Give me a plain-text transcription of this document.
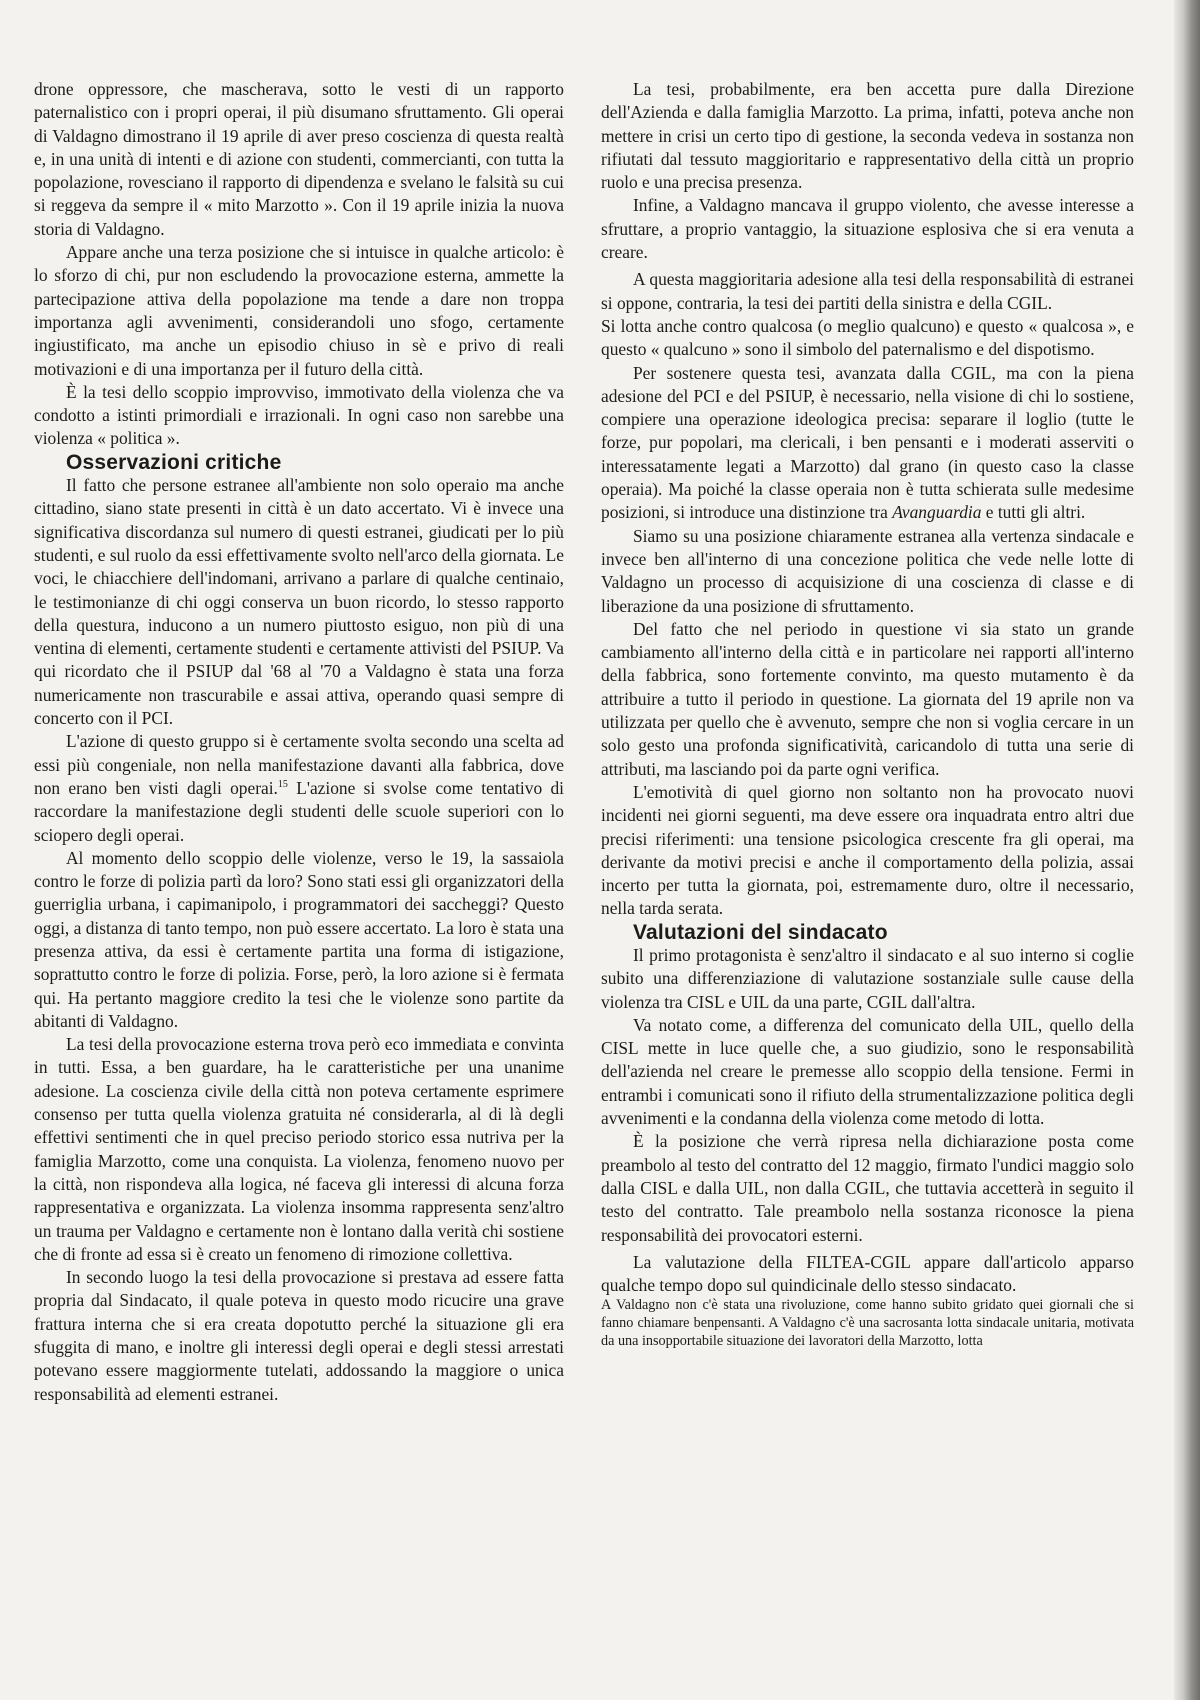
drone oppressore, che mascherava, sotto le vesti di un rapporto paternalistico con i propri operai, il più disumano sfruttamento. Gli operai di Valdagno dimostrano il 19 aprile di aver preso coscienza di questa realtà e, in una unità di intenti e di azione con studenti, commercianti, con tutta la popolazione, rovesciano il rapporto di dipendenza e svelano le falsità su cui si reggeva da sempre il « mito Marzotto ». Con il 19 aprile inizia la nuova storia di Valdagno.

Appare anche una terza posizione che si intuisce in qualche articolo: è lo sforzo di chi, pur non escludendo la provocazione esterna, ammette la partecipazione attiva della popolazione ma tende a dare non troppa importanza agli avvenimenti, considerandoli uno sfogo, certamente ingiustificato, ma anche un episodio chiuso in sè e privo di reali motivazioni e di una importanza per il futuro della città.

È la tesi dello scoppio improvviso, immotivato della violenza che va condotto a istinti primordiali e irrazionali. In ogni caso non sarebbe una violenza « politica ».

Osservazioni critiche

Il fatto che persone estranee all'ambiente non solo operaio ma anche cittadino, siano state presenti in città è un dato accertato. Vi è invece una significativa discordanza sul numero di questi estranei, giudicati per lo più studenti, e sul ruolo da essi effettivamente svolto nell'arco della giornata. Le voci, le chiacchiere dell'indomani, arrivano a parlare di qualche centinaio, le testimonianze di chi oggi conserva un buon ricordo, lo stesso rapporto della questura, inducono a un numero piuttosto esiguo, non più di una ventina di elementi, certamente studenti e certamente attivisti del PSIUP. Va qui ricordato che il PSIUP dal '68 al '70 a Valdagno è stata una forza numericamente non trascurabile e assai attiva, operando quasi sempre di concerto con il PCI.

L'azione di questo gruppo si è certamente svolta secondo una scelta ad essi più congeniale, non nella manifestazione davanti alla fabbrica, dove non erano ben visti dagli operai.$^{15}$ L'azione si svolse come tentativo di raccordare la manifestazione degli studenti delle scuole superiori con lo sciopero degli operai.

Al momento dello scoppio delle violenze, verso le 19, la sassaiola contro le forze di polizia partì da loro? Sono stati essi gli organizzatori della guerriglia urbana, i capimanipolo, i programmatori dei saccheggi? Questo oggi, a distanza di tanto tempo, non può essere accertato. La loro è stata una presenza attiva, da essi è certamente partita una forma di istigazione, soprattutto contro le forze di polizia. Forse, però, la loro azione si è fermata qui. Ha pertanto maggiore credito la tesi che le violenze sono partite da abitanti di Valdagno.

La tesi della provocazione esterna trova però eco immediata e convinta in tutti. Essa, a ben guardare, ha le caratteristiche per una unanime adesione. La coscienza civile della città non poteva certamente esprimere consenso per tutta quella violenza gratuita né considerarla, al di là degli effettivi sentimenti che in quel preciso periodo storico essa nutriva per la famiglia Marzotto, come una conquista. La violenza, fenomeno nuovo per la città, non rispondeva alla logica, né faceva gli interessi di alcuna forza rappresentativa e organizzata. La violenza insomma rappresenta senz'altro un trauma per Valdagno e certamente non è lontano dalla verità chi sostiene che di fronte ad essa si è creato un fenomeno di rimozione collettiva.

In secondo luogo la tesi della provocazione si prestava ad essere fatta propria dal Sindacato, il quale poteva in questo modo ricucire una grave frattura interna che si era creata dopotutto perché la situazione gli era sfuggita di mano, e inoltre gli interessi degli operai e degli stessi arrestati potevano essere maggiormente tutelati, addossando la maggiore o unica responsabilità ad elementi estranei.

La tesi, probabilmente, era ben accetta pure dalla Direzione dell'Azienda e dalla famiglia Marzotto. La prima, infatti, poteva anche non mettere in crisi un certo tipo di gestione, la seconda vedeva in sostanza non rifiutati dal tessuto maggioritario e rappresentativo della città un proprio ruolo e una precisa presenza.

Infine, a Valdagno mancava il gruppo violento, che avesse interesse a sfruttare, a proprio vantaggio, la situazione esplosiva che si era venuta a creare.

A questa maggioritaria adesione alla tesi della responsabilità di estranei si oppone, contraria, la tesi dei partiti della sinistra e della CGIL.

Si lotta anche contro qualcosa (o meglio qualcuno) e questo « qualcosa », e questo « qualcuno » sono il simbolo del paternalismo e del dispotismo.

Per sostenere questa tesi, avanzata dalla CGIL, ma con la piena adesione del PCI e del PSIUP, è necessario, nella visione di chi lo sostiene, compiere una operazione ideologica precisa: separare il loglio (tutte le forze, pur popolari, ma clericali, i ben pensanti e i moderati asserviti o interessatamente legati a Marzotto) dal grano (in questo caso la classe operaia). Ma poiché la classe operaia non è tutta schierata sulle medesime posizioni, si introduce una distinzione tra Avanguardia e tutti gli altri.

Siamo su una posizione chiaramente estranea alla vertenza sindacale e invece ben all'interno di una concezione politica che vede nelle lotte di Valdagno un processo di acquisizione di una coscienza di classe e di liberazione da una posizione di sfruttamento.

Del fatto che nel periodo in questione vi sia stato un grande cambiamento all'interno della città e in particolare nei rapporti all'interno della fabbrica, sono fortemente convinto, ma questo mutamento è da attribuire a tutto il periodo in questione. La giornata del 19 aprile non va utilizzata per quello che è avvenuto, sempre che non si voglia cercare in un solo gesto una profonda significatività, caricandolo di tutta una serie di attributi, ma lasciando poi da parte ogni verifica.

L'emotività di quel giorno non soltanto non ha provocato nuovi incidenti nei giorni seguenti, ma deve essere ora inquadrata entro altri due precisi riferimenti: una tensione psicologica crescente fra gli operai, ma derivante da motivi precisi e anche il comportamento della polizia, assai incerto per tutta la giornata, poi, estremamente duro, oltre il necessario, nella tarda serata.

Valutazioni del sindacato

Il primo protagonista è senz'altro il sindacato e al suo interno si coglie subito una differenziazione di valutazione sostanziale sulle cause della violenza tra CISL e UIL da una parte, CGIL dall'altra.

Va notato come, a differenza del comunicato della UIL, quello della CISL mette in luce quelle che, a suo giudizio, sono le responsabilità dell'azienda nel creare le premesse allo scoppio della tensione. Fermi in entrambi i comunicati sono il rifiuto della strumentalizzazione politica degli avvenimenti e la condanna della violenza come metodo di lotta.

È la posizione che verrà ripresa nella dichiarazione posta come preambolo al testo del contratto del 12 maggio, firmato l'undici maggio solo dalla CISL e dalla UIL, non dalla CGIL, che tuttavia accetterà in seguito il testo del contratto. Tale preambolo nella sostanza riconosce la piena responsabilità dei provocatori esterni.

La valutazione della FILTEA-CGIL appare dall'articolo apparso qualche tempo dopo sul quindicinale dello stesso sindacato.

A Valdagno non c'è stata una rivoluzione, come hanno subito gridato quei giornali che si fanno chiamare benpensanti. A Valdagno c'è una sacrosanta lotta sindacale unitaria, motivata da una insopportabile situazione dei lavoratori della Marzotto, lotta
